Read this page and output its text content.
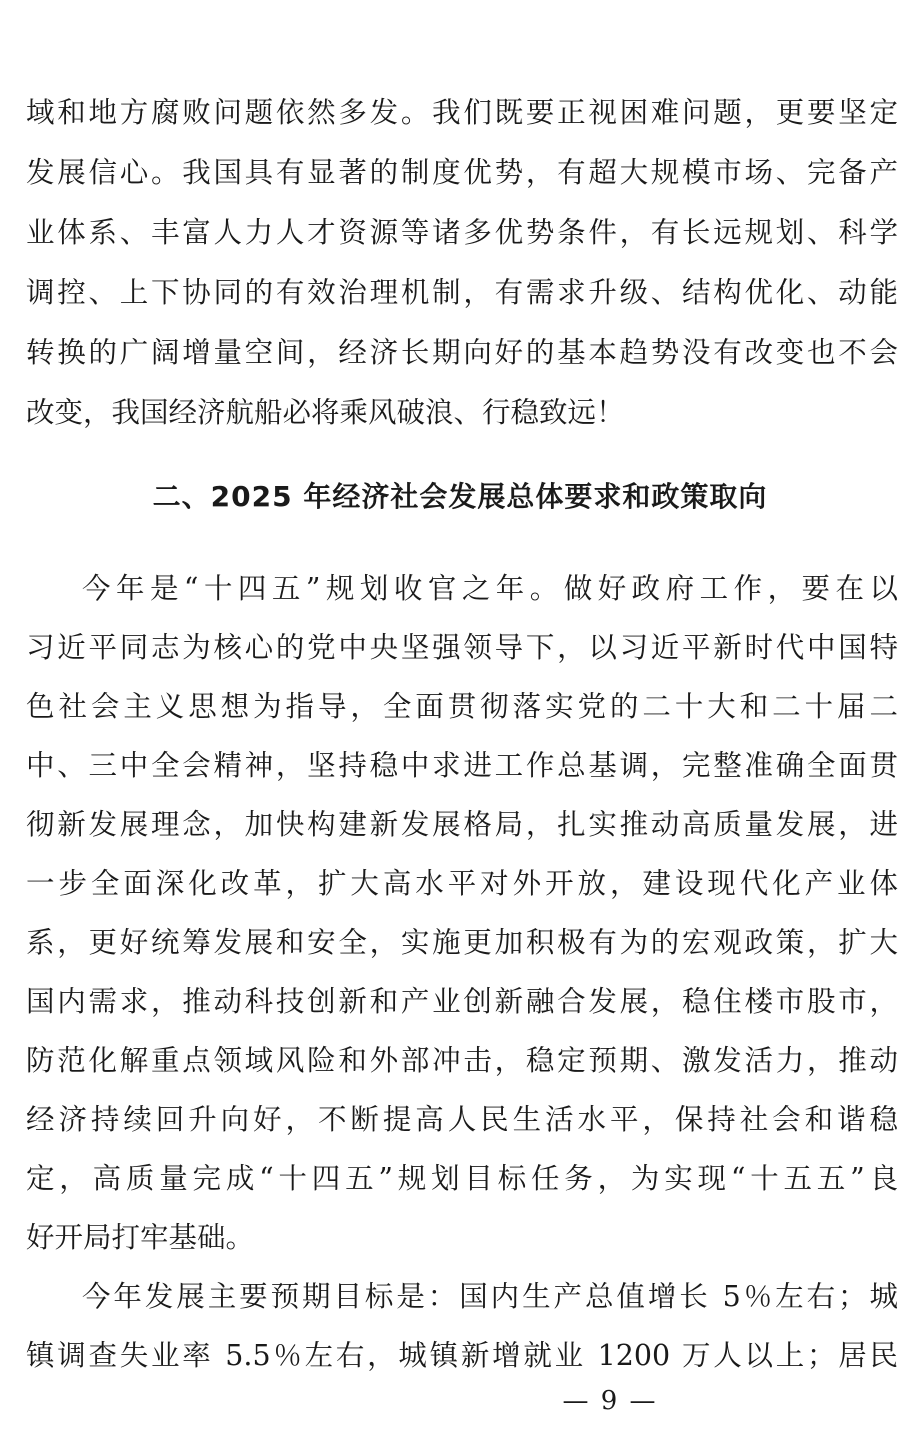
域和地方腐败问题依然多发。我们既要正视困难问题，更要坚定
发展信心。我国具有显著的制度优势，有超大规模市场、完备产
业体系、丰富人力人才资源等诸多优势条件，有长远规划、科学
调控、上下协同的有效治理机制，有需求升级、结构优化、动能
转换的广阔增量空间，经济长期向好的基本趋势没有改变也不会
改变，我国经济航船必将乘风破浪、行稳致远！
二、2025 年经济社会发展总体要求和政策取向
今年是“十四五”规划收官之年。做好政府工作，要在以
习近平同志为核心的党中央坚强领导下，以习近平新时代中国特
色社会主义思想为指导，全面贯彻落实党的二十大和二十届二
中、三中全会精神，坚持稳中求进工作总基调，完整准确全面贯
彻新发展理念，加快构建新发展格局，扎实推动高质量发展，进
一步全面深化改革，扩大高水平对外开放，建设现代化产业体
系，更好统筹发展和安全，实施更加积极有为的宏观政策，扩大
国内需求，推动科技创新和产业创新融合发展，稳住楼市股市，
防范化解重点领域风险和外部冲击，稳定预期、激发活力，推动
经济持续回升向好，不断提高人民生活水平，保持社会和谐稳
定，高质量完成“十四五”规划目标任务，为实现“十五五”良
好开局打牢基础。
今年发展主要预期目标是：国内生产总值增长 5％左右；城
镇调查失业率 5.5％左右，城镇新增就业 1200 万人以上；居民
— 9 —
